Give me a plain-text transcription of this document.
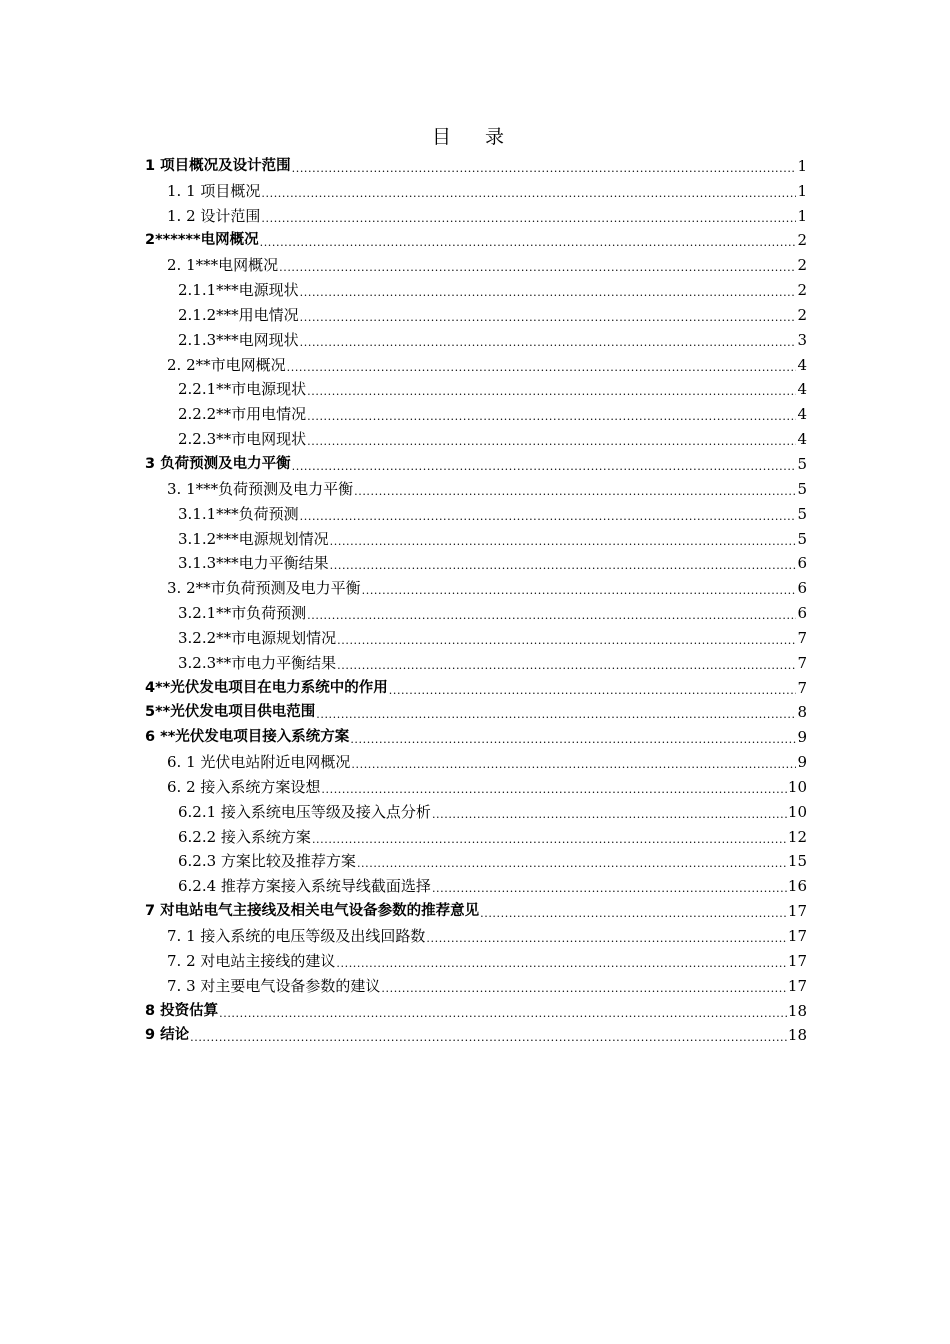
目 录
1 项目概况及设计范围 .....	1
1. 1 项目概况 .....	1
1. 2 设计范围 .....	1
2******电网概况 .....	2
2. 1***电网概况 .....	2
2.1.1***电源现状 .....	2
2.1.2***用电情况 .....	2
2.1.3***电网现状 .....	3
2. 2**市电网概况 .....	4
2.2.1**市电源现状 .....	4
2.2.2**市用电情况 .....	4
2.2.3**市电网现状 .....	4
3 负荷预测及电力平衡 .....	5
3. 1***负荷预测及电力平衡 .....	5
3.1.1***负荷预测 .....	5
3.1.2***电源规划情况 .....	5
3.1.3***电力平衡结果 .....	6
3. 2**市负荷预测及电力平衡 .....	6
3.2.1**市负荷预测 .....	6
3.2.2**市电源规划情况 .....	7
3.2.3**市电力平衡结果 .....	7
4**光伏发电项目在电力系统中的作用 .....	7
5**光伏发电项目供电范围 .....	8
6 **光伏发电项目接入系统方案 .....	9
6. 1 光伏电站附近电网概况 .....	9
6. 2 接入系统方案设想 .....	10
6.2.1 接入系统电压等级及接入点分析 .....	10
6.2.2 接入系统方案 .....	12
6.2.3 方案比较及推荐方案 .....	15
6.2.4 推荐方案接入系统导线截面选择 .....	16
7 对电站电气主接线及相关电气设备参数的推荐意见 .....	17
7. 1 接入系统的电压等级及出线回路数 .....	17
7. 2 对电站主接线的建议 .....	17
7. 3 对主要电气设备参数的建议 .....	17
8 投资估算 .....	18
9 结论 .....	18
